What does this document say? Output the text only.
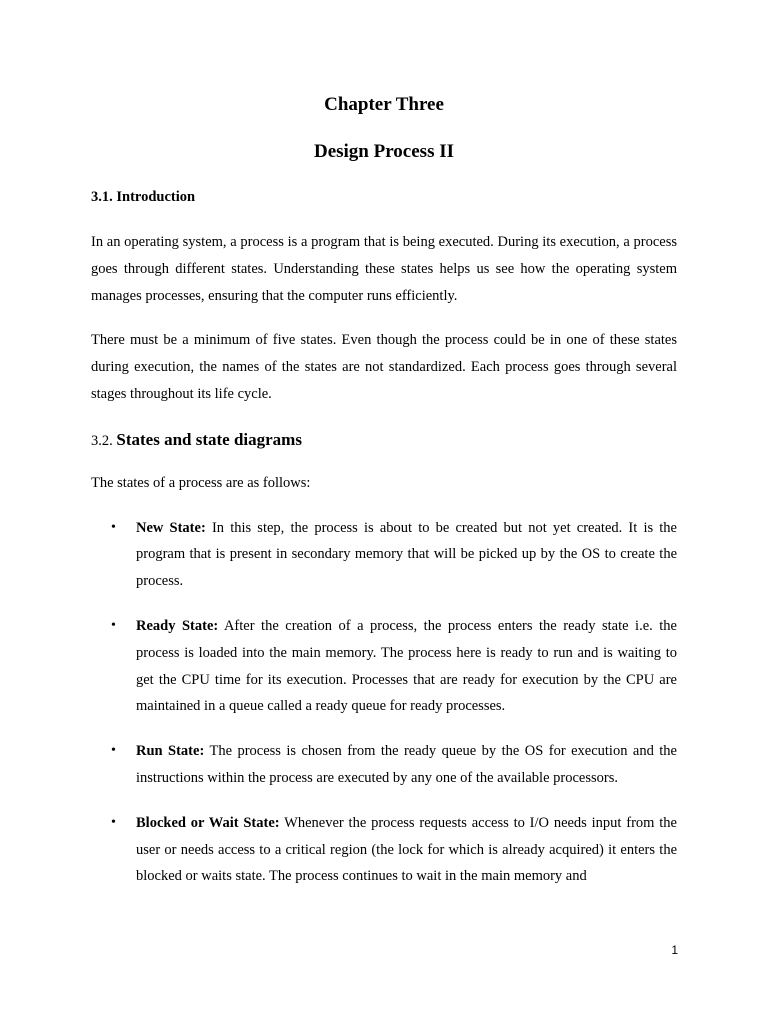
Chapter Three
Design Process II
3.1. Introduction

In an operating system, a process is a program that is being executed. During its execution, a process goes through different states. Understanding these states helps us see how the operating system manages processes, ensuring that the computer runs efficiently.

There must be a minimum of five states. Even though the process could be in one of these states during execution, the names of the states are not standardized. Each process goes through several stages throughout its life cycle.

3.2. States and state diagrams

The states of a process are as follows:

• New State: In this step, the process is about to be created but not yet created. It is the program that is present in secondary memory that will be picked up by the OS to create the process.
• Ready State: After the creation of a process, the process enters the ready state i.e. the process is loaded into the main memory. The process here is ready to run and is waiting to get the CPU time for its execution. Processes that are ready for execution by the CPU are maintained in a queue called a ready queue for ready processes.
• Run State: The process is chosen from the ready queue by the OS for execution and the instructions within the process are executed by any one of the available processors.
• Blocked or Wait State: Whenever the process requests access to I/O needs input from the user or needs access to a critical region (the lock for which is already acquired) it enters the blocked or waits state. The process continues to wait in the main memory and
1
